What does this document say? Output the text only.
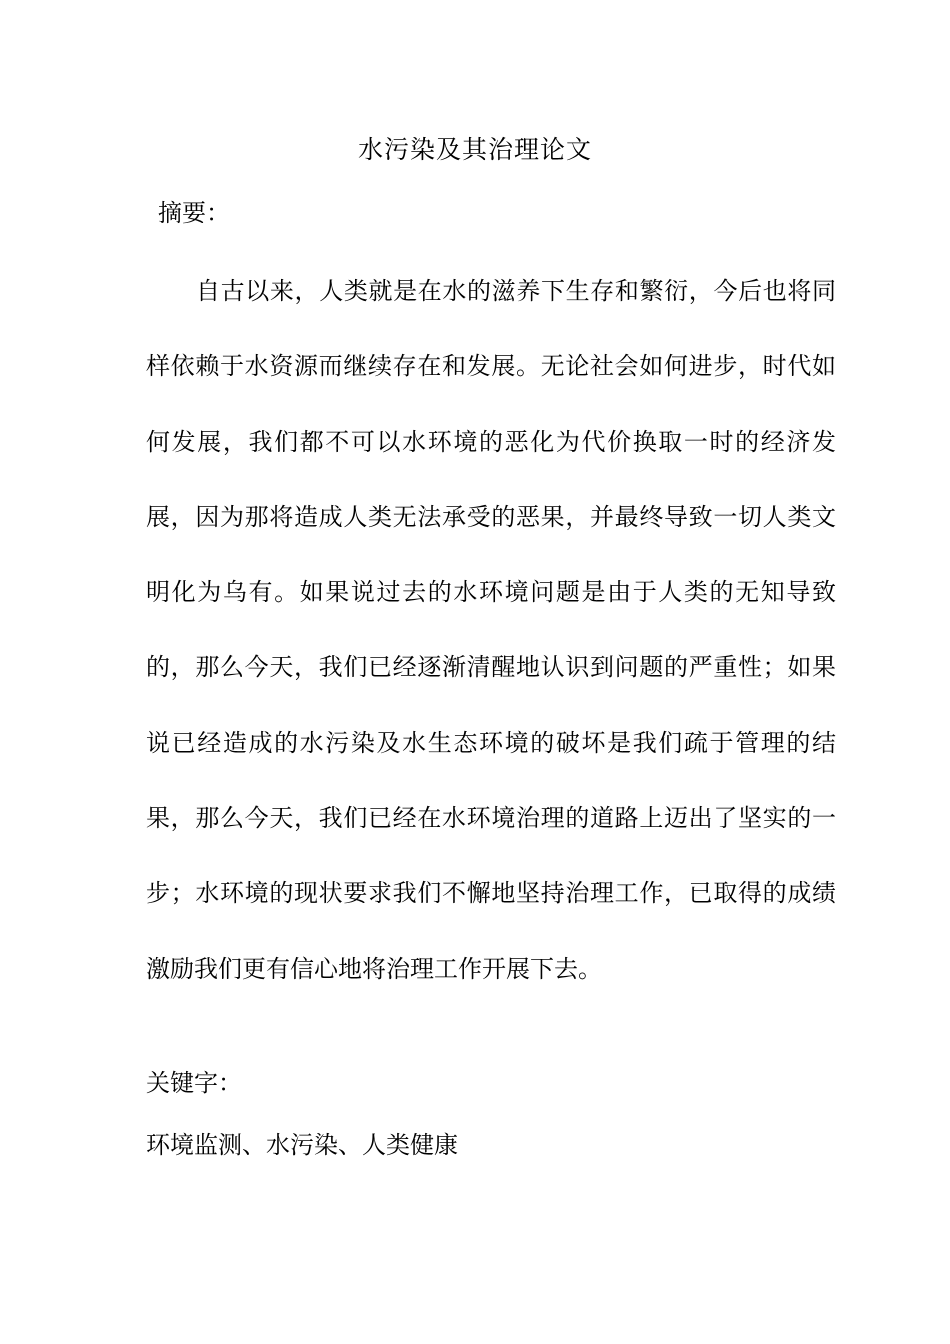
水污染及其治理论文

摘要：

自古以来，人类就是在水的滋养下生存和繁衍，今后也将同样依赖于水资源而继续存在和发展。无论社会如何进步，时代如何发展，我们都不可以水环境的恶化为代价换取一时的经济发展，因为那将造成人类无法承受的恶果，并最终导致一切人类文明化为乌有。如果说过去的水环境问题是由于人类的无知导致的，那么今天，我们已经逐渐清醒地认识到问题的严重性；如果说已经造成的水污染及水生态环境的破坏是我们疏于管理的结果，那么今天，我们已经在水环境治理的道路上迈出了坚实的一步；水环境的现状要求我们不懈地坚持治理工作，已取得的成绩激励我们更有信心地将治理工作开展下去。

关键字：

环境监测、水污染、人类健康
